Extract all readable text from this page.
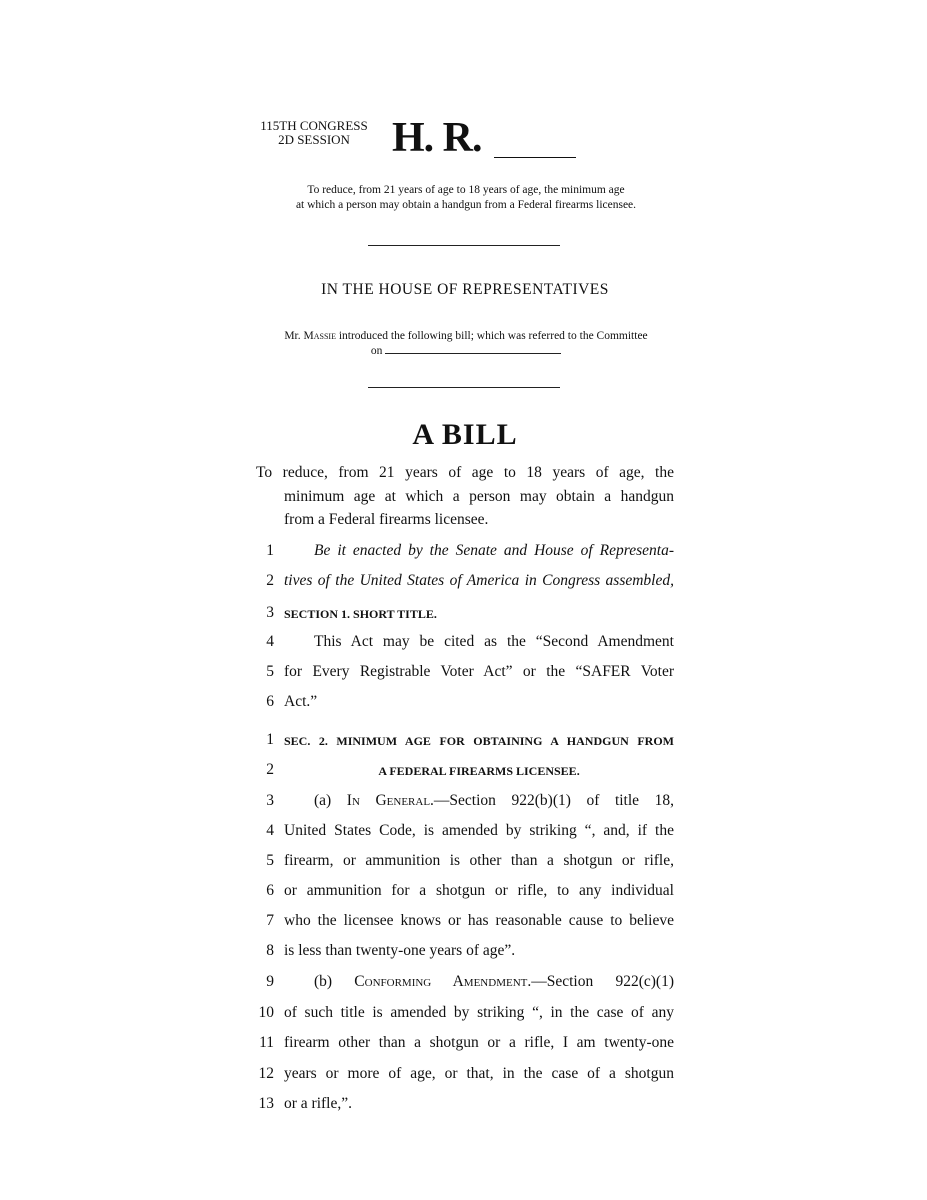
115TH CONGRESS
2D SESSION	H. R.
To reduce, from 21 years of age to 18 years of age, the minimum age
at which a person may obtain a handgun from a Federal firearms licensee.
IN THE HOUSE OF REPRESENTATIVES
Mr. Massie introduced the following bill; which was referred to the Committee
on
A BILL
To reduce, from 21 years of age to 18 years of age, the
minimum age at which a person may obtain a handgun
from a Federal firearms licensee.
1	Be it enacted by the Senate and House of Representa-
2 tives of the United States of America in Congress assembled,
3 SECTION 1. SHORT TITLE.
4	This Act may be cited as the “Second Amendment
5 for Every Registrable Voter Act” or the “SAFER Voter
6 Act.”
1 SEC. 2. MINIMUM AGE FOR OBTAINING A HANDGUN FROM
2	A FEDERAL FIREARMS LICENSEE.
3	(a) In General.—Section 922(b)(1) of title 18,
4 United States Code, is amended by striking “, and, if the
5 firearm, or ammunition is other than a shotgun or rifle,
6 or ammunition for a shotgun or rifle, to any individual
7 who the licensee knows or has reasonable cause to believe
8 is less than twenty-one years of age”.
9	(b) Conforming Amendment.—Section 922(c)(1)
10 of such title is amended by striking “, in the case of any
11 firearm other than a shotgun or a rifle, I am twenty-one
12 years or more of age, or that, in the case of a shotgun
13 or a rifle,”.
